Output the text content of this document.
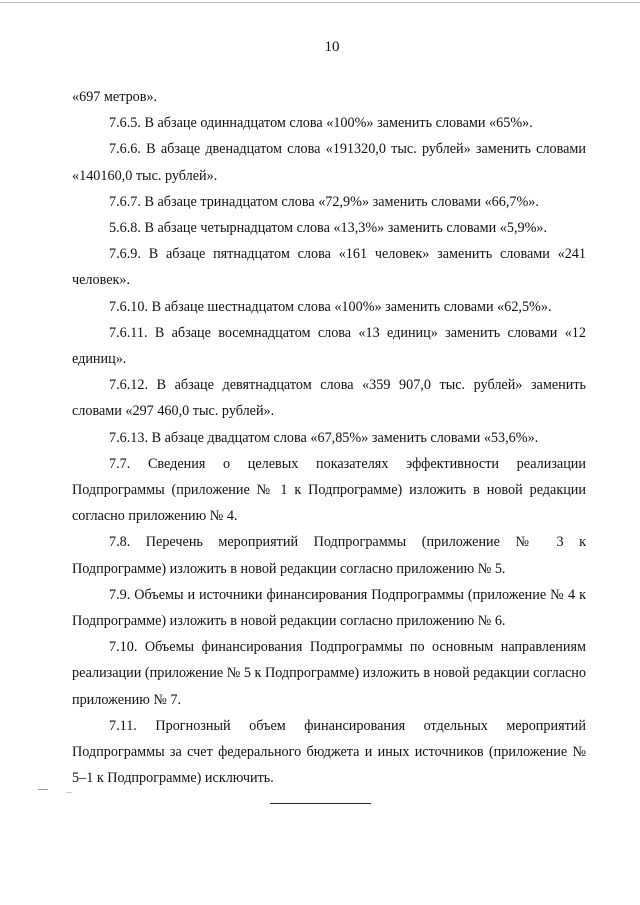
10

«697 метров».

7.6.5. В абзаце одиннадцатом слова «100%» заменить словами «65%».

7.6.6. В абзаце двенадцатом слова «191320,0 тыс. рублей» заменить словами «140160,0 тыс. рублей».

7.6.7. В абзаце тринадцатом слова «72,9%» заменить словами «66,7%».

5.6.8. В абзаце четырнадцатом слова «13,3%» заменить словами «5,9%».

7.6.9. В абзаце пятнадцатом слова «161 человек» заменить словами «241 человек».

7.6.10. В абзаце шестнадцатом слова «100%» заменить словами «62,5%».

7.6.11. В абзаце восемнадцатом слова «13 единиц» заменить словами «12 единиц».

7.6.12. В абзаце девятнадцатом слова «359 907,0 тыс. рублей» заменить словами «297 460,0 тыс. рублей».

7.6.13. В абзаце двадцатом слова «67,85%» заменить словами «53,6%».

7.7. Сведения о целевых показателях эффективности реализации Подпрограммы (приложение № 1 к Подпрограмме) изложить в новой редакции согласно приложению № 4.

7.8. Перечень мероприятий Подпрограммы (приложение № 3 к Подпрограмме) изложить в новой редакции согласно приложению № 5.

7.9. Объемы и источники финансирования Подпрограммы (приложение № 4 к Подпрограмме) изложить в новой редакции согласно приложению № 6.

7.10. Объемы финансирования Подпрограммы по основным направлениям реализации (приложение № 5 к Подпрограмме) изложить в новой редакции согласно приложению № 7.

7.11. Прогнозный объем финансирования отдельных мероприятий Подпрограммы за счет федерального бюджета и иных источников (приложение № 5–1 к Подпрограмме) исключить.
